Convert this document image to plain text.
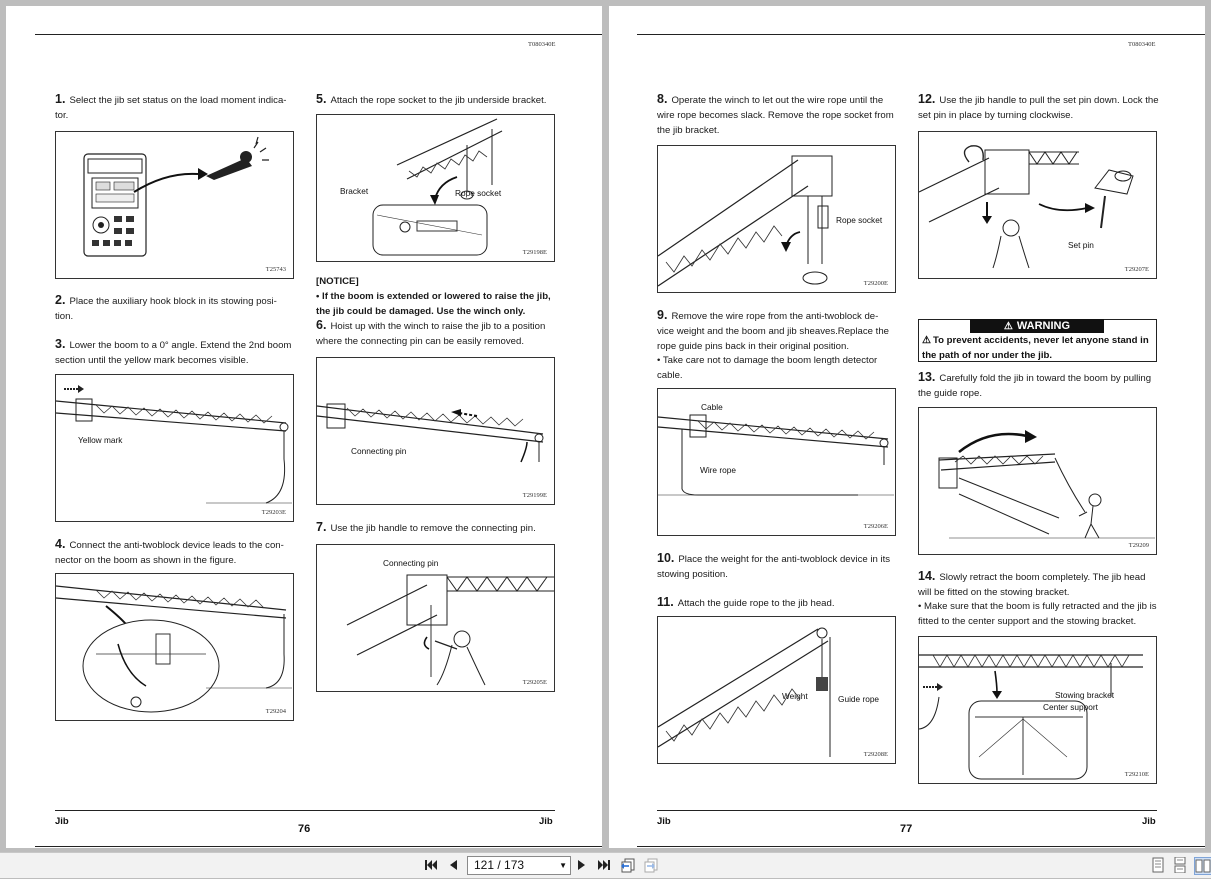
T080340E

1. Select the jib set status on the load moment indica- tor.

T25743

2. Place the auxiliary hook block in its stowing posi- tion.

3. Lower the boom to a 0° angle. Extend the 2nd boom section until the yellow mark becomes visible.

Yellow mark
T29203E

4. Connect the anti-twoblock device leads to the con- nector on the boom as shown in the figure.

T29204

5. Attach the rope socket to the jib underside bracket.

Bracket	Rope socket
T29198E

[NOTICE]

• If the boom is extended or lowered to raise the jib, the jib could be damaged. Use the winch only.

6. Hoist up with the winch to raise the jib to a position where the connecting pin can be easily removed.

Connecting pin
T29199E

7. Use the jib handle to remove the connecting pin.

Connecting pin
T29205E
Jib
76
Jib
T080340E

8. Operate the winch to let out the wire rope until the wire rope becomes slack. Remove the rope socket from the jib bracket.

Rope socket
T29200E

9. Remove the wire rope from the anti-twoblock de- vice weight and the boom and jib sheaves.Replace the rope guide pins back in their original position.

• Take care not to damage the boom length detector cable.

Cable
Wire rope
T29206E

10. Place the weight for the anti-twoblock device in its stowing position.

11. Attach the guide rope to the jib head.

Weight	Guide rope
T29208E

12. Use the jib handle to pull the set pin down. Lock the set pin in place by turning clockwise.

Set pin
T29207E
⚠ WARNING
⚠ To prevent accidents, never let anyone stand in the path of nor under the jib.

13. Carefully fold the jib in toward the boom by pulling the guide rope.

T29209

14. Slowly retract the boom completely. The jib head will be fitted on the stowing bracket.

• Make sure that the boom is fully retracted and the jib is fitted to the center support and the stowing bracket.

Stowing bracket
Center support
T29210E
Jib
77
Jib
121 / 173	▼
